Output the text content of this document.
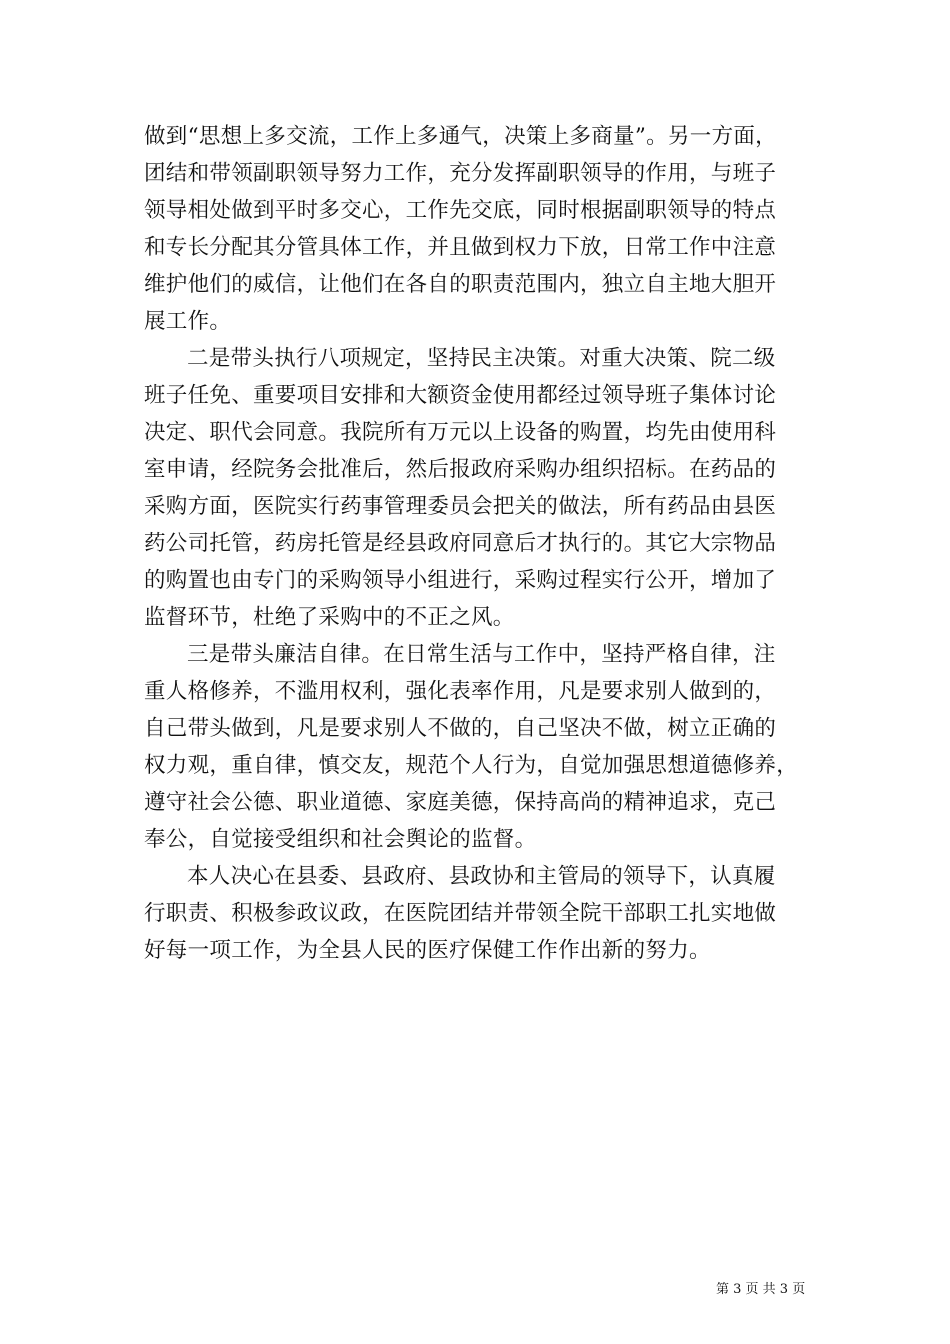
做到“思想上多交流，工作上多通气，决策上多商量”。另一方面，
团结和带领副职领导努力工作，充分发挥副职领导的作用，与班子
领导相处做到平时多交心，工作先交底，同时根据副职领导的特点
和专长分配其分管具体工作，并且做到权力下放，日常工作中注意
维护他们的威信，让他们在各自的职责范围内，独立自主地大胆开
展工作。
二是带头执行八项规定，坚持民主决策。对重大决策、院二级
班子任免、重要项目安排和大额资金使用都经过领导班子集体讨论
决定、职代会同意。我院所有万元以上设备的购置，均先由使用科
室申请，经院务会批准后，然后报政府采购办组织招标。在药品的
采购方面，医院实行药事管理委员会把关的做法，所有药品由县医
药公司托管，药房托管是经县政府同意后才执行的。其它大宗物品
的购置也由专门的采购领导小组进行，采购过程实行公开，增加了
监督环节，杜绝了采购中的不正之风。
三是带头廉洁自律。在日常生活与工作中，坚持严格自律，注
重人格修养，不滥用权利，强化表率作用，凡是要求别人做到的，
自己带头做到，凡是要求别人不做的，自己坚决不做，树立正确的
权力观，重自律，慎交友，规范个人行为，自觉加强思想道德修养，
遵守社会公德、职业道德、家庭美德，保持高尚的精神追求，克己
奉公，自觉接受组织和社会舆论的监督。
本人决心在县委、县政府、县政协和主管局的领导下，认真履
行职责、积极参政议政，在医院团结并带领全院干部职工扎实地做
好每一项工作，为全县人民的医疗保健工作作出新的努力。
第 3 页 共 3 页
